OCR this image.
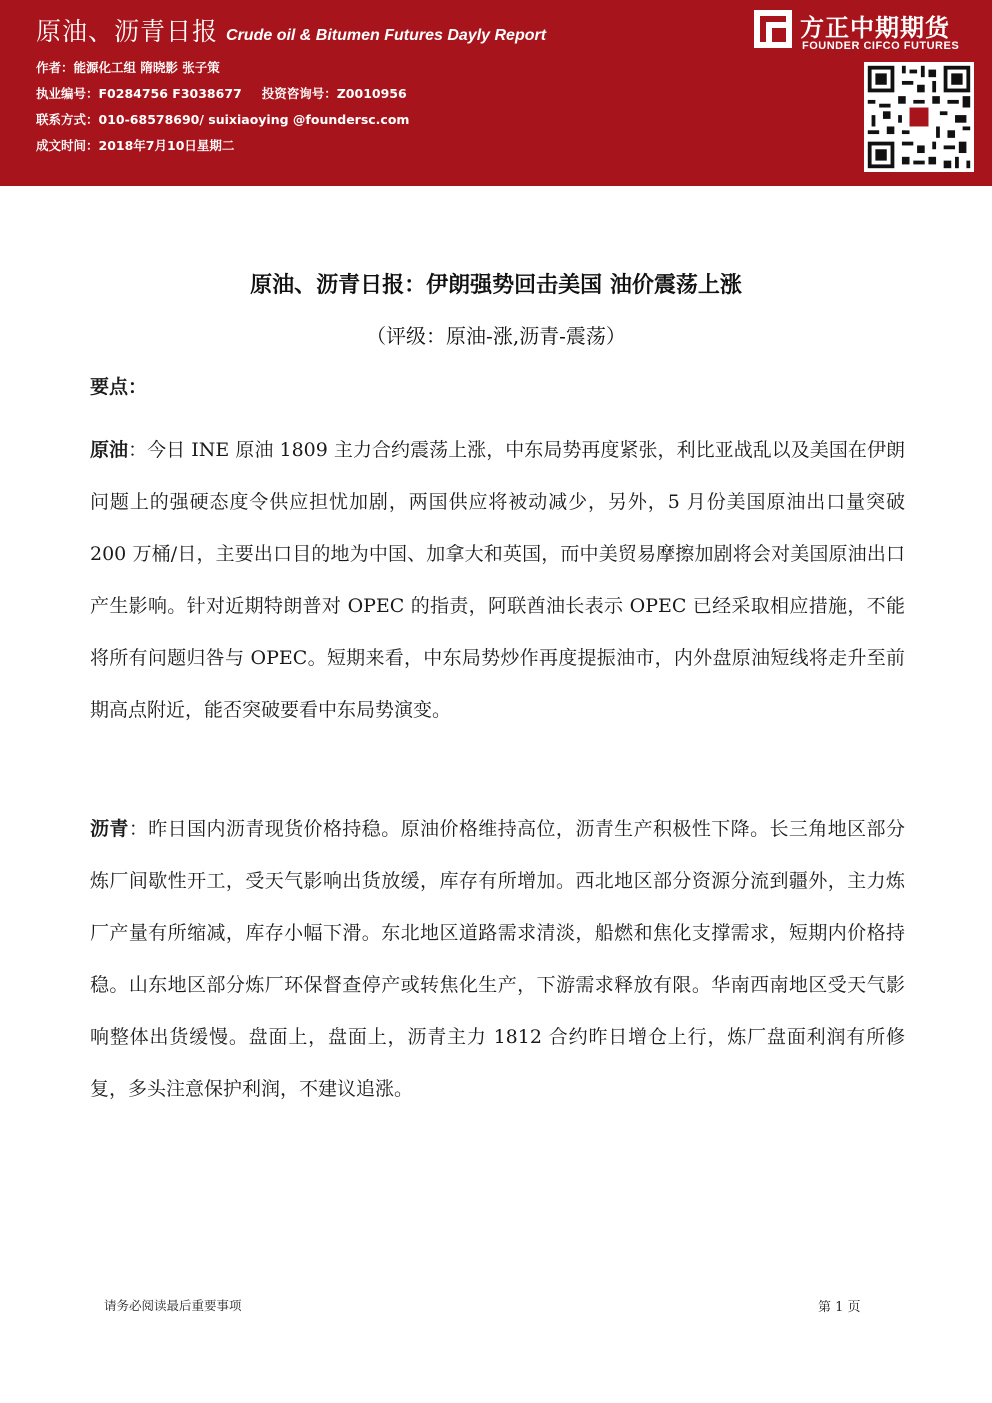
原油、沥青日报 Crude oil & Bitumen Futures Dayly Report
作者：能源化工组 隋晓影 张子策
执业编号：F0284756 F3038677 投资咨询号：Z0010956
联系方式：010-68578690/ suixiaoying @foundersc.com
成文时间：2018年7月10日星期二
方正中期期货
FOUNDER CIFCO FUTURES
原油、沥青日报：伊朗强势回击美国 油价震荡上涨
（评级：原油-涨,沥青-震荡）
要点：
原油：今日 INE 原油 1809 主力合约震荡上涨，中东局势再度紧张，利比亚战乱以及美国在伊朗问题上的强硬态度令供应担忧加剧，两国供应将被动减少，另外，5 月份美国原油出口量突破 200 万桶/日，主要出口目的地为中国、加拿大和英国，而中美贸易摩擦加剧将会对美国原油出口产生影响。针对近期特朗普对 OPEC 的指责，阿联酋油长表示 OPEC 已经采取相应措施，不能将所有问题归咎与 OPEC。短期来看，中东局势炒作再度提振油市，内外盘原油短线将走升至前期高点附近，能否突破要看中东局势演变。
沥青：昨日国内沥青现货价格持稳。原油价格维持高位，沥青生产积极性下降。长三角地区部分炼厂间歇性开工，受天气影响出货放缓，库存有所增加。西北地区部分资源分流到疆外，主力炼厂产量有所缩减，库存小幅下滑。东北地区道路需求清淡，船燃和焦化支撑需求，短期内价格持稳。山东地区部分炼厂环保督查停产或转焦化生产，下游需求释放有限。华南西南地区受天气影响整体出货缓慢。盘面上，盘面上，沥青主力 1812 合约昨日增仓上行，炼厂盘面利润有所修复，多头注意保护利润，不建议追涨。
请务必阅读最后重要事项	第 1 页
